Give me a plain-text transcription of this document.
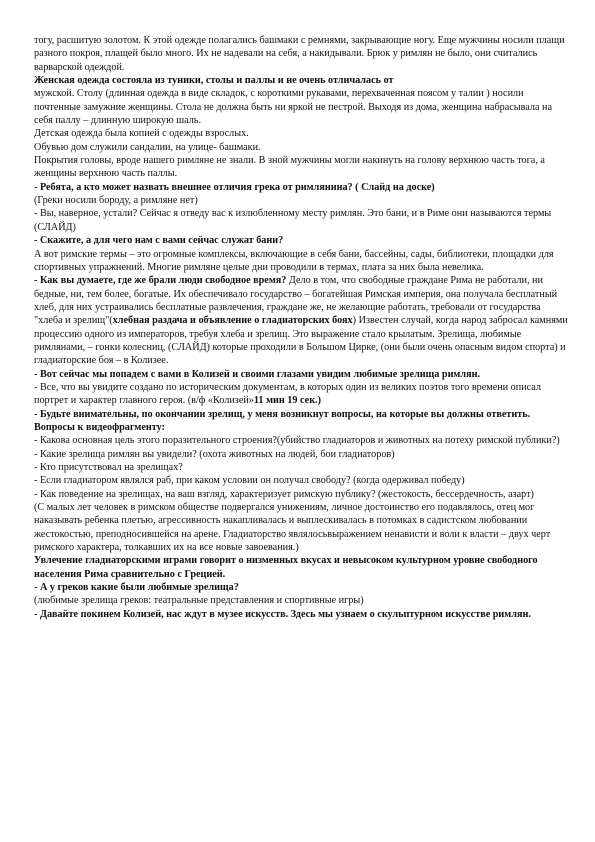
тогу, расшитую золотом. К этой одежде полагались башмаки с ремнями, закрывающие ногу. Еще мужчины носили плащи разного покроя, плащей было много. Их не надевали на себя, а накидывали. Брюк у римлян не было, они считались варварской одеждой.

Женская одежда состояла из туники, столы и паллы и не очень отличалась от

мужской. Столу (длинная одежда в виде складок, с короткими рукавами, перехваченная поясом у талии ) носили почтенные замужние женщины. Стола не должна быть ни яркой не пестрой. Выходя из дома, женщина набрасывала на себя паллу – длинную широкую шаль.

Детская одежда была копией с одежды взрослых.

Обувью дом служили сандалии, на улице- башмаки.

Покрытия головы, вроде нашего римляне не знали. В зной мужчины могли накинуть на голову верхнюю часть тога, а женщины верхнюю часть паллы.

- Ребята, а кто может назвать внешнее отличия грека от римлянина? ( Слайд на доске)

(Греки носили бороду, а римляне нет)

- Вы, наверное, устали? Сейчас я отведу вас к излюбленному месту римлян. Это бани, и в Риме они называются термы (СЛАЙД)

- Скажите, а для чего нам с вами сейчас служат бани?

А вот римские термы – это огромные комплексы, включающие в себя бани, бассейны, сады, библиотеки, площадки для спортивных упражнений. Многие римляне целые дни проводили в термах, плата за них была невелика.

- Как вы думаете, где же брали люди свободное время? Дело в том, что свободные граждане Рима не работали, ни бедные, ни, тем более, богатые. Их обеспечивало государство – богатейшая Римская империя, она получала бесплатный хлеб, для них устраивались бесплатные развлечения, граждане же, не желающие работать, требовали от государства "хлеба и зрелищ"(хлебная раздача и объявление о гладиаторских боях) Известен случай, когда народ забросал камнями процессию одного из императоров, требуя хлеба и зрелищ. Это выражение стало крылатым. Зрелища, любимые римлянами, – гонки колесниц, (СЛАЙД) которые проходили в Большом Цирке, (они были очень опасным видом спорта) и гладиаторские боя – в Колизее.

- Вот сейчас мы попадем с вами в Колизей и своими глазами увидим любимые зрелища римлян.

- Все, что вы увидите создано по историческим документам, в которых один из великих поэтов того времени описал портрет и характер главного героя. (в/ф «Колизей»11 мин 19 сек.)

- Будьте внимательны, по окончании зрелищ, у меня возникнут вопросы, на которые вы должны ответить.

Вопросы к видеофрагменту:

- Какова основная цель этого поразительного строения?(убийство гладиаторов и животных на потеху римской публики?)

- Какие зрелища римлян вы увидели? (охота животных на людей, бои гладиаторов)

- Кто присутствовал на зрелищах?

- Если гладиатором являлся раб, при каком условии он получал свободу? (когда одерживал победу)

- Как поведение на зрелищах, на ваш взгляд, характеризует римскую публику? (жестокость, бессердечность, азарт)

(С малых лет человек в римском обществе подвергался унижениям, личное достоинство его подавлялось, отец мог наказывать ребенка плетью, агрессивность накапливалась и выплескивалась в потомках в садистском любовании жестокостью, преподносившейся на арене. Гладиаторство являлосьвыражением ненависти и воли к власти – двух черт римского характера, толкавших их на все новые завоевания.)

Увлечение гладиаторскими играми говорит о низменных вкусах и невысоком культурном уровне свободного населения Рима сравнительно с Грецией.

- А у греков какие были любимые зрелища?

(любимые зрелища греков: театральные представления и спортивные игры)

- Давайте покинем Колизей, нас ждут в музее искусств. Здесь мы узнаем о скульптурном искусстве римлян.
